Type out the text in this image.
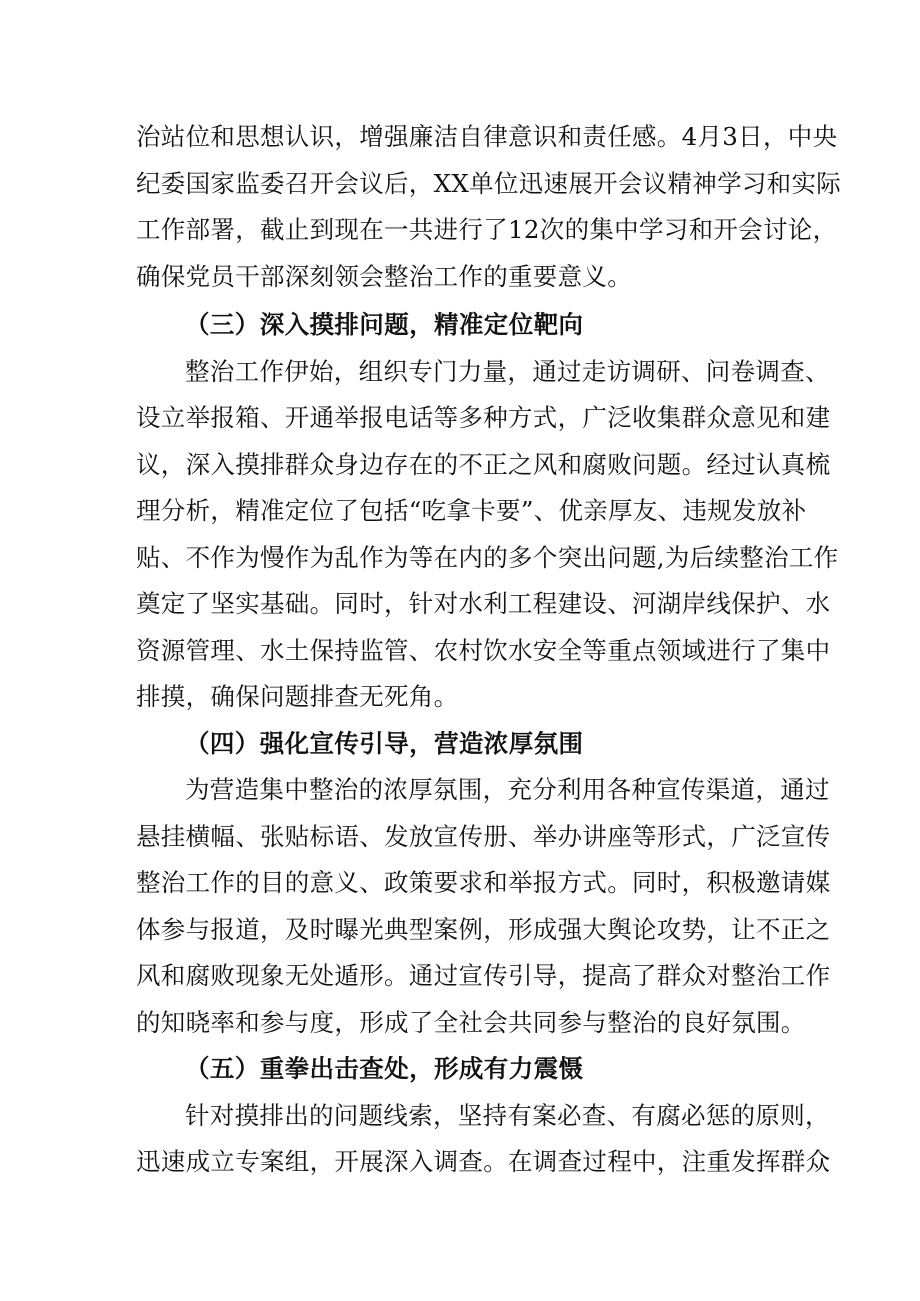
治站位和思想认识，增强廉洁自律意识和责任感。4月3日，中央
纪委国家监委召开会议后，XX单位迅速展开会议精神学习和实际
工作部署，截止到现在一共进行了12次的集中学习和开会讨论，
确保党员干部深刻领会整治工作的重要意义。
（三）深入摸排问题，精准定位靶向
整治工作伊始，组织专门力量，通过走访调研、问卷调查、
设立举报箱、开通举报电话等多种方式，广泛收集群众意见和建
议，深入摸排群众身边存在的不正之风和腐败问题。经过认真梳
理分析，精准定位了包括“吃拿卡要”、优亲厚友、违规发放补
贴、不作为慢作为乱作为等在内的多个突出问题,为后续整治工作
奠定了坚实基础。同时，针对水利工程建设、河湖岸线保护、水
资源管理、水土保持监管、农村饮水安全等重点领域进行了集中
排摸，确保问题排查无死角。
（四）强化宣传引导，营造浓厚氛围
为营造集中整治的浓厚氛围，充分利用各种宣传渠道，通过
悬挂横幅、张贴标语、发放宣传册、举办讲座等形式，广泛宣传
整治工作的目的意义、政策要求和举报方式。同时，积极邀请媒
体参与报道，及时曝光典型案例，形成强大舆论攻势，让不正之
风和腐败现象无处遁形。通过宣传引导，提高了群众对整治工作
的知晓率和参与度，形成了全社会共同参与整治的良好氛围。
（五）重拳出击查处，形成有力震慑
针对摸排出的问题线索，坚持有案必查、有腐必惩的原则，
迅速成立专案组，开展深入调查。在调查过程中，注重发挥群众
